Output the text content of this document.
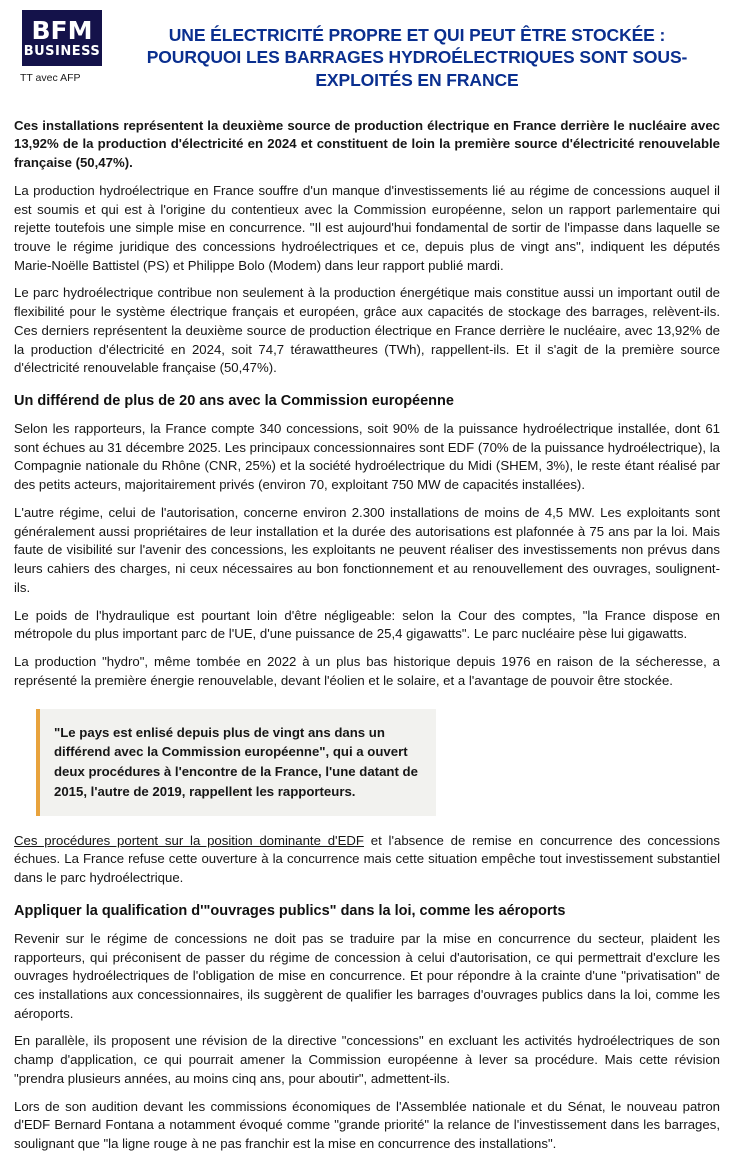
BFM
BUSINESS
TT avec AFP
UNE ÉLECTRICITÉ PROPRE ET QUI PEUT ÊTRE STOCKÉE : POURQUOI LES BARRAGES HYDROÉLECTRIQUES SONT SOUS-EXPLOITÉS EN FRANCE
Ces installations représentent la deuxième source de production électrique en France derrière le nucléaire avec 13,92% de la production d'électricité en 2024 et constituent de loin la première source d'électricité renouvelable française (50,47%).

La production hydroélectrique en France souffre d'un manque d'investissements lié au régime de concessions auquel il est soumis et qui est à l'origine du contentieux avec la Commission européenne, selon un rapport parlementaire qui rejette toutefois une simple mise en concurrence. "Il est aujourd'hui fondamental de sortir de l'impasse dans laquelle se trouve le régime juridique des concessions hydroélectriques et ce, depuis plus de vingt ans", indiquent les députés Marie-Noëlle Battistel (PS) et Philippe Bolo (Modem) dans leur rapport publié mardi.

Le parc hydroélectrique contribue non seulement à la production énergétique mais constitue aussi un important outil de flexibilité pour le système électrique français et européen, grâce aux capacités de stockage des barrages, relèvent-ils. Ces derniers représentent la deuxième source de production électrique en France derrière le nucléaire, avec 13,92% de la production d'électricité en 2024, soit 74,7 térawattheures (TWh), rappellent-ils. Et il s'agit de la première source d'électricité renouvelable française (50,47%).

Un différend de plus de 20 ans avec la Commission européenne

Selon les rapporteurs, la France compte 340 concessions, soit 90% de la puissance hydroélectrique installée, dont 61 sont échues au 31 décembre 2025. Les principaux concessionnaires sont EDF (70% de la puissance hydroélectrique), la Compagnie nationale du Rhône (CNR, 25%) et la société hydroélectrique du Midi (SHEM, 3%), le reste étant réalisé par des petits acteurs, majoritairement privés (environ 70, exploitant 750 MW de capacités installées).

L'autre régime, celui de l'autorisation, concerne environ 2.300 installations de moins de 4,5 MW. Les exploitants sont généralement aussi propriétaires de leur installation et la durée des autorisations est plafonnée à 75 ans par la loi. Mais faute de visibilité sur l'avenir des concessions, les exploitants ne peuvent réaliser des investissements non prévus dans leurs cahiers des charges, ni ceux nécessaires au bon fonctionnement et au renouvellement des ouvrages, soulignent-ils.

Le poids de l'hydraulique est pourtant loin d'être négligeable: selon la Cour des comptes, "la France dispose en métropole du plus important parc de l'UE, d'une puissance de 25,4 gigawatts". Le parc nucléaire pèse lui gigawatts.

La production "hydro", même tombée en 2022 à un plus bas historique depuis 1976 en raison de la sécheresse, a représenté la première énergie renouvelable, devant l'éolien et le solaire, et a l'avantage de pouvoir être stockée.

"Le pays est enlisé depuis plus de vingt ans dans un différend avec la Commission européenne", qui a ouvert deux procédures à l'encontre de la France, l'une datant de 2015, l'autre de 2019, rappellent les rapporteurs.

Ces procédures portent sur la position dominante d'EDF et l'absence de remise en concurrence des concessions échues. La France refuse cette ouverture à la concurrence mais cette situation empêche tout investissement substantiel dans le parc hydroélectrique.

Appliquer la qualification d'"ouvrages publics" dans la loi, comme les aéroports

Revenir sur le régime de concessions ne doit pas se traduire par la mise en concurrence du secteur, plaident les rapporteurs, qui préconisent de passer du régime de concession à celui d'autorisation, ce qui permettrait d'exclure les ouvrages hydroélectriques de l'obligation de mise en concurrence. Et pour répondre à la crainte d'une "privatisation" de ces installations aux concessionnaires, ils suggèrent de qualifier les barrages d'ouvrages publics dans la loi, comme les aéroports.

En parallèle, ils proposent une révision de la directive "concessions" en excluant les activités hydroélectriques de son champ d'application, ce qui pourrait amener la Commission européenne à lever sa procédure. Mais cette révision "prendra plusieurs années, au moins cinq ans, pour aboutir", admettent-ils.

Lors de son audition devant les commissions économiques de l'Assemblée nationale et du Sénat, le nouveau patron d'EDF Bernard Fontana a notamment évoqué comme "grande priorité" la relance de l'investissement dans les barrages, soulignant que "la ligne rouge à ne pas franchir est la mise en concurrence des installations".
